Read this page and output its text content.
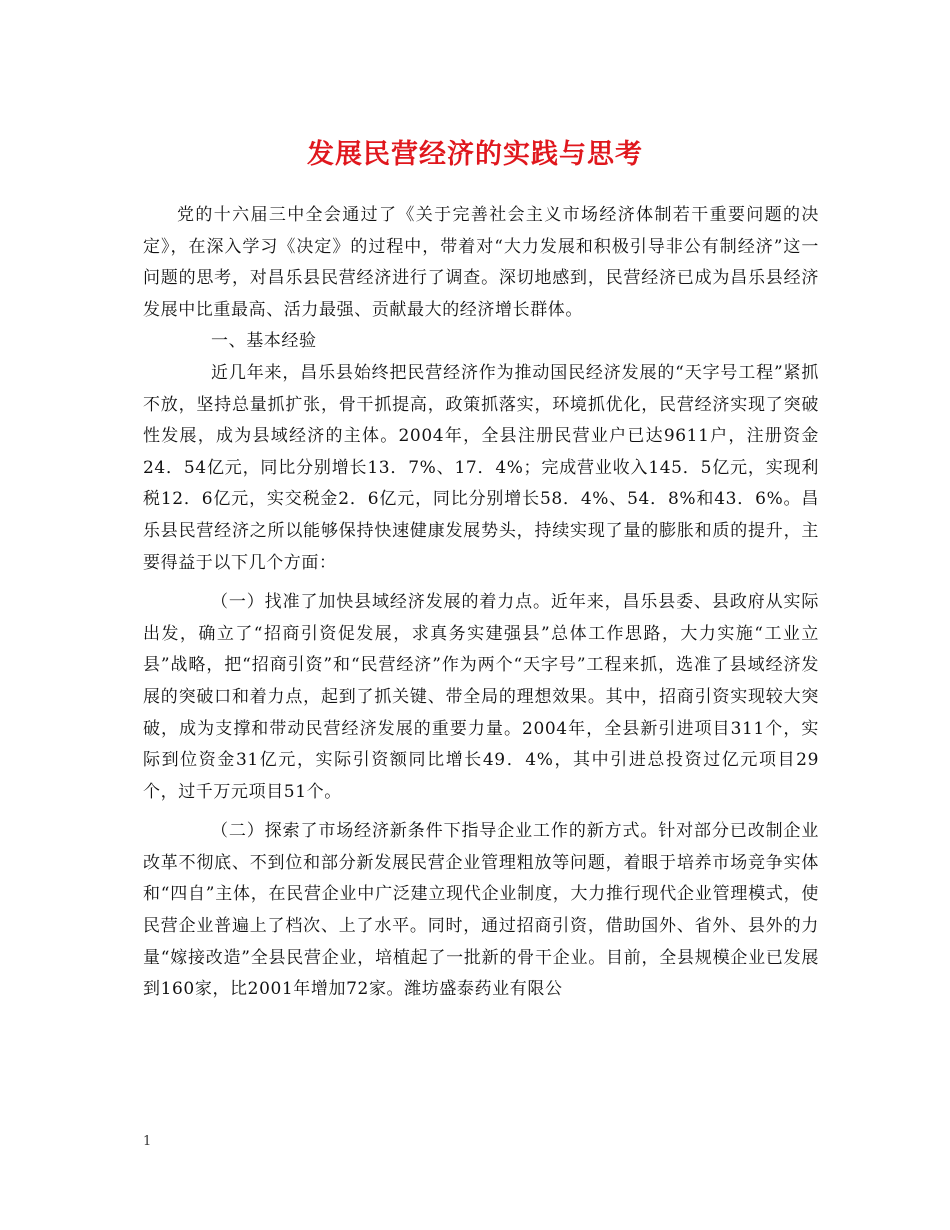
发展民营经济的实践与思考

党的十六届三中全会通过了《关于完善社会主义市场经济体制若干重要问题的决定》，在深入学习《决定》的过程中，带着对“大力发展和积极引导非公有制经济”这一问题的思考，对昌乐县民营经济进行了调查。深切地感到，民营经济已成为昌乐县经济发展中比重最高、活力最强、贡献最大的经济增长群体。

一、基本经验

近几年来，昌乐县始终把民营经济作为推动国民经济发展的“天字号工程”紧抓不放，坚持总量抓扩张，骨干抓提高，政策抓落实，环境抓优化，民营经济实现了突破性发展，成为县域经济的主体。2004年，全县注册民营业户已达9611户，注册资金24．54亿元，同比分别增长13．7%、17．4%；完成营业收入145．5亿元，实现利税12．6亿元，实交税金2．6亿元，同比分别增长58．4%、54．8%和43．6%。昌乐县民营经济之所以能够保持快速健康发展势头，持续实现了量的膨胀和质的提升，主要得益于以下几个方面：

（一）找准了加快县域经济发展的着力点。近年来，昌乐县委、县政府从实际出发，确立了“招商引资促发展，求真务实建强县”总体工作思路，大力实施“工业立县”战略，把“招商引资”和“民营经济”作为两个“天字号”工程来抓，选准了县域经济发展的突破口和着力点，起到了抓关键、带全局的理想效果。其中，招商引资实现较大突破，成为支撑和带动民营经济发展的重要力量。2004年，全县新引进项目311个，实际到位资金31亿元，实际引资额同比增长49．4%，其中引进总投资过亿元项目29个，过千万元项目51个。

（二）探索了市场经济新条件下指导企业工作的新方式。针对部分已改制企业改革不彻底、不到位和部分新发展民营企业管理粗放等问题，着眼于培养市场竞争实体和“四自”主体，在民营企业中广泛建立现代企业制度，大力推行现代企业管理模式，使民营企业普遍上了档次、上了水平。同时，通过招商引资，借助国外、省外、县外的力量“嫁接改造”全县民营企业，培植起了一批新的骨干企业。目前，全县规模企业已发展到160家，比2001年增加72家。潍坊盛泰药业有限公

1
